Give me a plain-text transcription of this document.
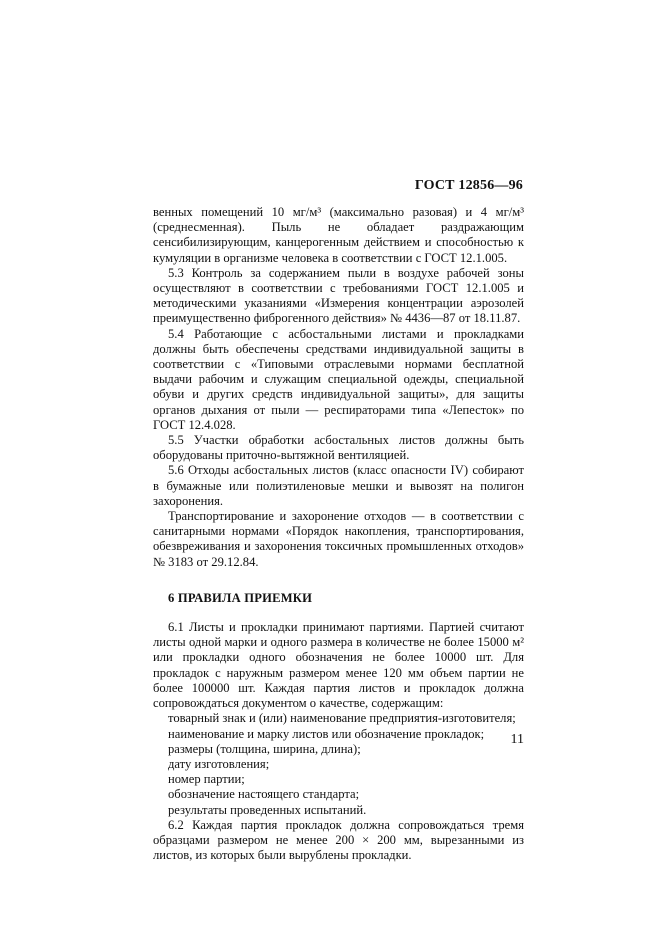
ГОСТ 12856—96

венных помещений 10 мг/м³ (максимально разовая) и 4 мг/м³ (среднесменная). Пыль не обладает раздражающим сенсибилизирующим, канцерогенным действием и способностью к кумуляции в организме человека в соответствии с ГОСТ 12.1.005.

5.3 Контроль за содержанием пыли в воздухе рабочей зоны осуществляют в соответствии с требованиями ГОСТ 12.1.005 и методическими указаниями «Измерения концентрации аэрозолей преимущественно фиброгенного действия» № 4436—87 от 18.11.87.

5.4 Работающие с асбостальными листами и прокладками должны быть обеспечены средствами индивидуальной защиты в соответствии с «Типовыми отраслевыми нормами бесплатной выдачи рабочим и служащим специальной одежды, специальной обуви и других средств индивидуальной защиты», для защиты органов дыхания от пыли — респираторами типа «Лепесток» по ГОСТ 12.4.028.

5.5 Участки обработки асбостальных листов должны быть оборудованы приточно-вытяжной вентиляцией.

5.6 Отходы асбостальных листов (класс опасности IV) собирают в бумажные или полиэтиленовые мешки и вывозят на полигон захоронения.

Транспортирование и захоронение отходов — в соответствии с санитарными нормами «Порядок накопления, транспортирования, обезвреживания и захоронения токсичных промышленных отходов» № 3183 от 29.12.84.

6 ПРАВИЛА ПРИЕМКИ

6.1 Листы и прокладки принимают партиями. Партией считают листы одной марки и одного размера в количестве не более 15000 м² или прокладки одного обозначения не более 10000 шт. Для прокладок с наружным размером менее 120 мм объем партии не более 100000 шт. Каждая партия листов и прокладок должна сопровождаться документом о качестве, содержащим:

товарный знак и (или) наименование предприятия-изготовителя;

наименование и марку листов или обозначение прокладок;

размеры (толщина, ширина, длина);

дату изготовления;

номер партии;

обозначение настоящего стандарта;

результаты проведенных испытаний.

6.2 Каждая партия прокладок должна сопровождаться тремя образцами размером не менее 200 × 200 мм, вырезанными из листов, из которых были вырублены прокладки.

11
